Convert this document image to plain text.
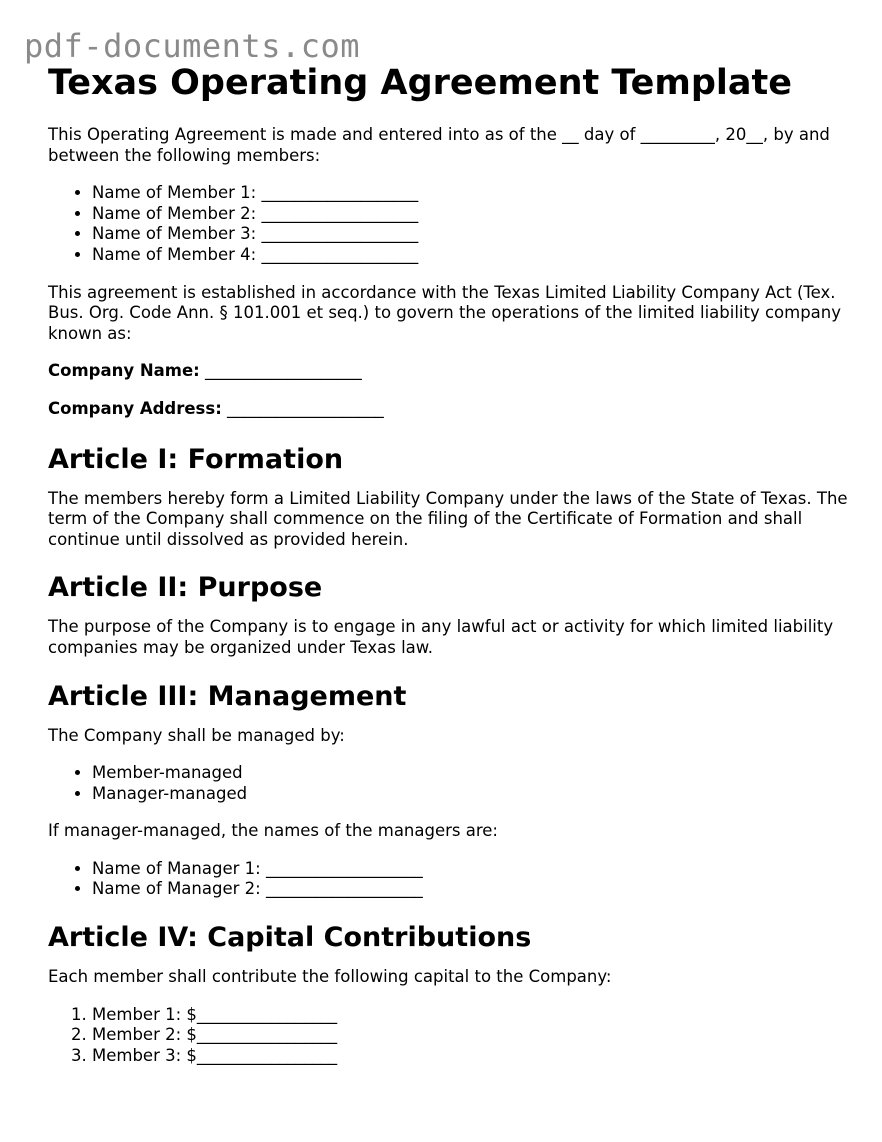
pdf-documents.com
Texas Operating Agreement Template

This Operating Agreement is made and entered into as of the __ day of _________, 20__, by and between the following members:

• Name of Member 1: ___________________
• Name of Member 2: ___________________
• Name of Member 3: ___________________
• Name of Member 4: ___________________

This agreement is established in accordance with the Texas Limited Liability Company Act (Tex. Bus. Org. Code Ann. § 101.001 et seq.) to govern the operations of the limited liability company known as:

Company Name: ___________________

Company Address: ___________________

Article I: Formation

The members hereby form a Limited Liability Company under the laws of the State of Texas. The term of the Company shall commence on the filing of the Certificate of Formation and shall continue until dissolved as provided herein.

Article II: Purpose

The purpose of the Company is to engage in any lawful act or activity for which limited liability companies may be organized under Texas law.

Article III: Management

The Company shall be managed by:

• Member-managed
• Manager-managed

If manager-managed, the names of the managers are:

• Name of Manager 1: ___________________
• Name of Manager 2: ___________________
Article IV: Capital Contributions

Each member shall contribute the following capital to the Company:

1. Member 1: $_________________
2. Member 2: $_________________
3. Member 3: $_________________
